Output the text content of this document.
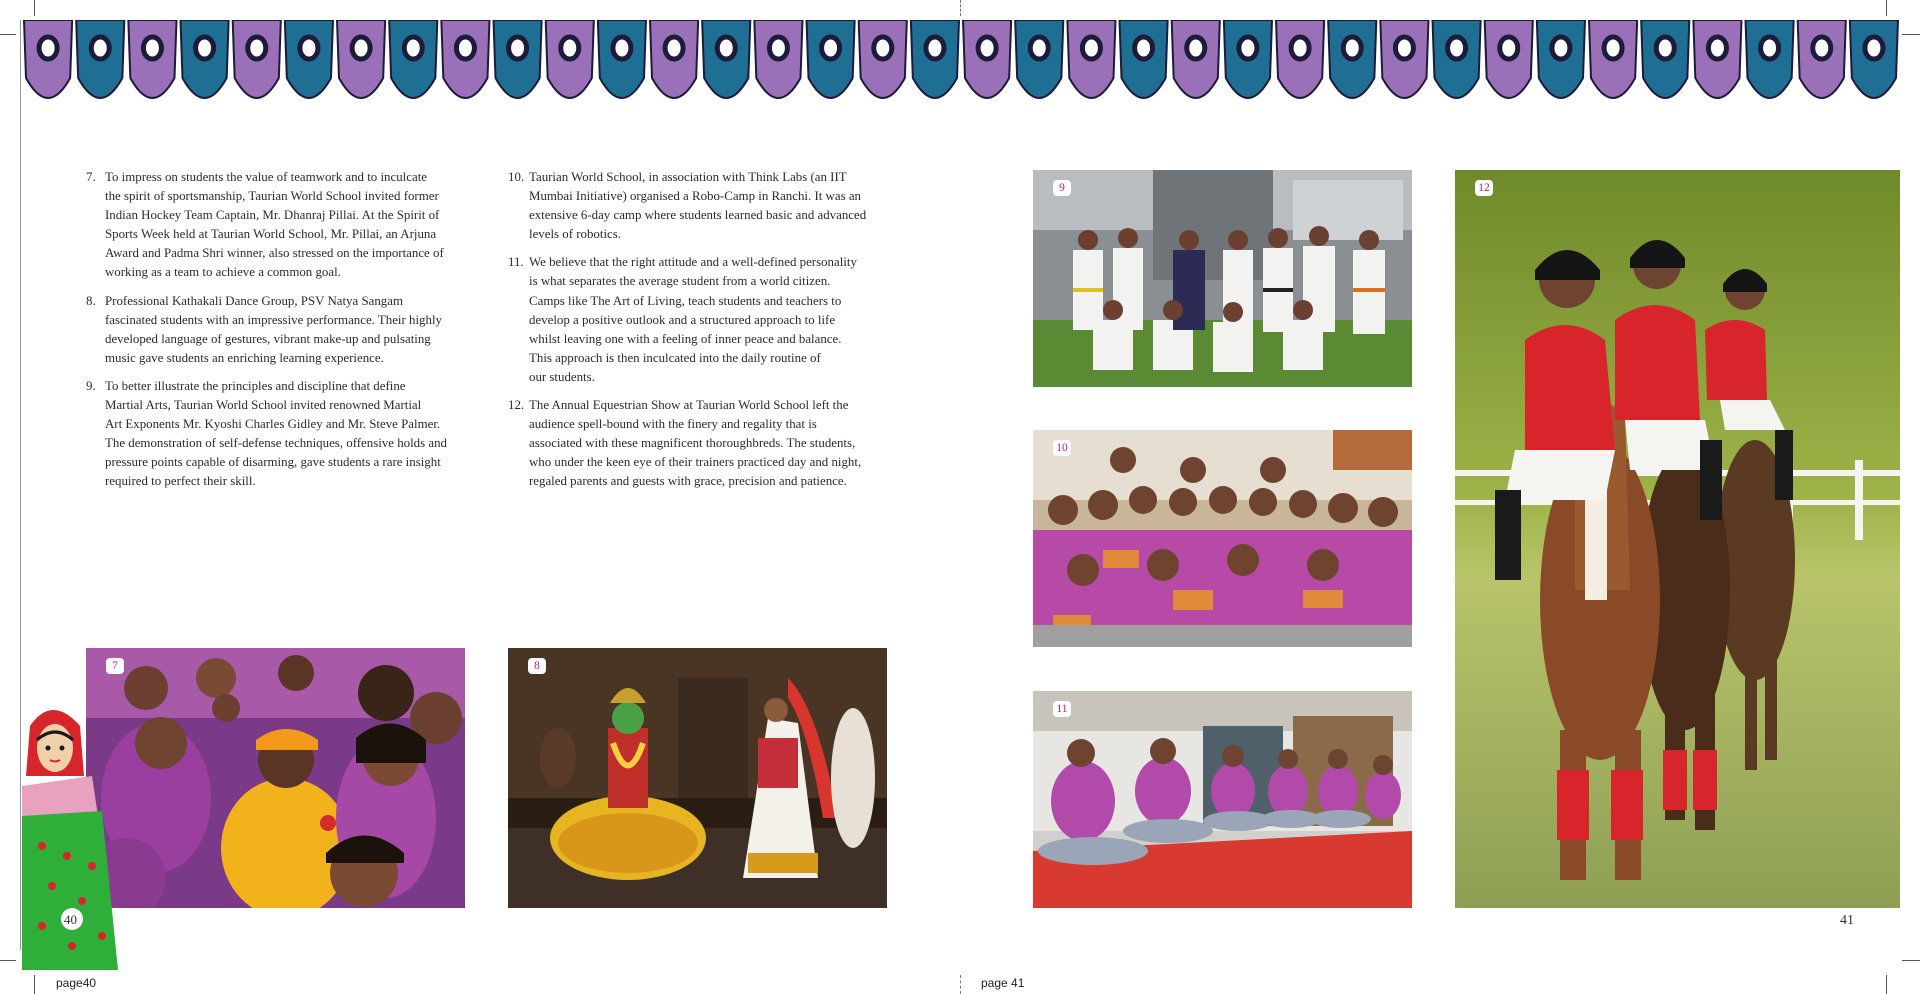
7. To impress on students the value of teamwork and to inculcate
the spirit of sportsmanship, Taurian World School invited former
Indian Hockey Team Captain, Mr. Dhanraj Pillai. At the Spirit of
Sports Week held at Taurian World School, Mr. Pillai, an Arjuna
Award and Padma Shri winner, also stressed on the importance of
working as a team to achieve a common goal.
8. Professional Kathakali Dance Group, PSV Natya Sangam
fascinated students with an impressive performance. Their highly
developed language of gestures, vibrant make-up and pulsating
music gave students an enriching learning experience.
9. To better illustrate the principles and discipline that define
Martial Arts, Taurian World School invited renowned Martial
Art Exponents Mr. Kyoshi Charles Gidley and Mr. Steve Palmer.
The demonstration of self-defense techniques, offensive holds and
pressure points capable of disarming, gave students a rare insight
required to perfect their skill.
10. Taurian World School, in association with Think Labs (an IIT
Mumbai Initiative) organised a Robo-Camp in Ranchi. It was an
extensive 6-day camp where students learned basic and advanced
levels of robotics.
11. We believe that the right attitude and a well-defined personality
is what separates the average student from a world citizen.
Camps like The Art of Living, teach students and teachers to
develop a positive outlook and a structured approach to life
whilst leaving one with a feeling of inner peace and balance.
This approach is then inculcated into the daily routine of
our students.
12. The Annual Equestrian Show at Taurian World School left the
audience spell-bound with the finery and regality that is
associated with these magnificent thoroughbreds. The students,
who under the keen eye of their trainers practiced day and night,
regaled parents and guests with grace, precision and patience.
7	8
9
10
11
12
40	41
page40	page 41
